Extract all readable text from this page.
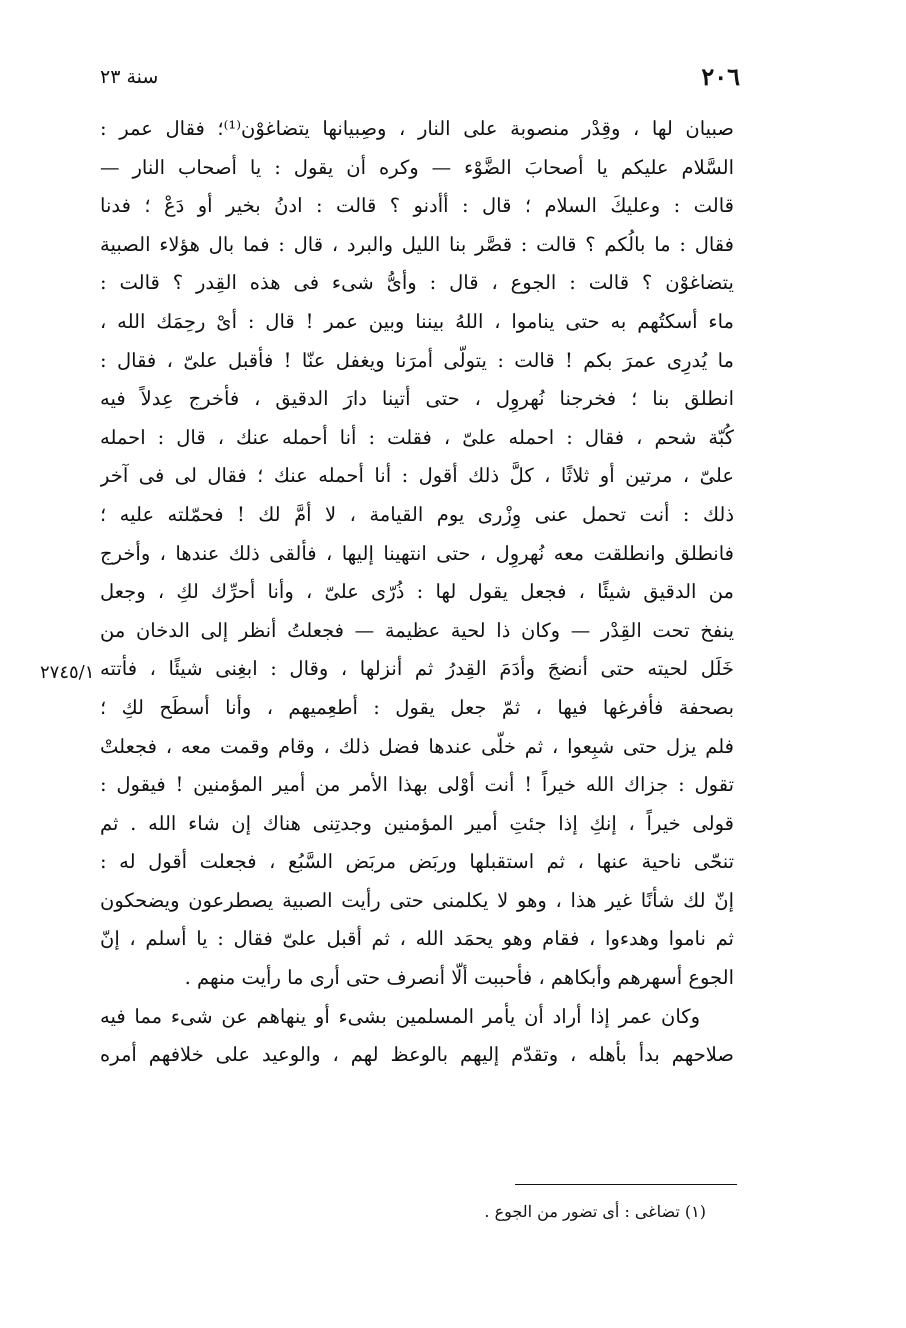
٢٠٦
سنة ٢٣
٢٧٤٥/١
صبيان لها ، وقِدْر منصوبة على النار ، وصِبيانها يتضاغوْن⁽¹⁾؛ فقال عمر :
السَّلام عليكم يا أصحابَ الضَّوْء — وكره أن يقول : يا أصحاب النار —
قالت : وعليكَ السلام ؛ قال : أأدنو ؟ قالت : ادنُ بخير أو دَعْ ؛ فدنا
فقال : ما بالُكم ؟ قالت : قصَّر بنا الليل والبرد ، قال : فما بال هؤلاء الصبية
يتضاغوْن ؟ قالت : الجوع ، قال : وأىُّ شىء فى هذه القِدر ؟ قالت :
ماء أسكتُهم به حتى يناموا ، اللهُ بيننا وبين عمر ! قال : أىْ رحِمَك الله ،
ما يُدرِى عمرَ بكم ! قالت : يتولّى أمرَنا ويغفل عنّا ! فأقبل علىّ ، فقال :
انطلق بنا ؛ فخرجنا نُهروِل ، حتى أتينا دارَ الدقيق ، فأخرج عِدلاً فيه
كُبّة شحم ، فقال : احمله علىّ ، فقلت : أنا أحمله عنك ، قال : احمله
علىّ ، مرتين أو ثلاثًا ، كلَّ ذلك أقول : أنا أحمله عنك ؛ فقال لى فى آخر
ذلك : أنت تحمل عنى وِزْرى يوم القيامة ، لا أمَّ لك ! فحمّلته عليه ؛
فانطلق وانطلقت معه نُهروِل ، حتى انتهينا إليها ، فألقى ذلك عندها ، وأخرج
من الدقيق شيئًا ، فجعل يقول لها : ذُرّى علىّ ، وأنا أحرِّك لكِ ، وجعل
ينفخ تحت القِدْر — وكان ذا لحية عظيمة — فجعلتُ أنظر إلى الدخان من
خَلَل لحيته حتى أنضجَ وأدَمَ القِدرُ ثم أنزلها ، وقال : ابغِنى شيئًا ، فأتته
بصحفة فأفرغها فيها ، ثمّ جعل يقول : أطعِميهم ، وأنا أسطَح لكِ ؛
فلم يزل حتى شبِعوا ، ثم خلّى عندها فضل ذلك ، وقام وقمت معه ، فجعلتْ
تقول : جزاك الله خيراً ! أنت أوْلى بهذا الأمر من أمير المؤمنين ! فيقول :
قولى خيراً ، إنكِ إذا جئتِ أمير المؤمنين وجدتِنى هناك إن شاء الله . ثم
تنحّى ناحية عنها ، ثم استقبلها وربَض مربَض السَّبُع ، فجعلت أقول له :
إنّ لك شأنًا غير هذا ، وهو لا يكلمنى حتى رأيت الصبية يصطرعون ويضحكون
ثم ناموا وهدءوا ، فقام وهو يحمَد الله ، ثم أقبل علىّ فقال : يا أسلم ، إنّ
الجوع أسهرهم وأبكاهم ، فأحببت ألّا أنصرف حتى أرى ما رأيت منهم .
وكان عمر إذا أراد أن يأمر المسلمين بشىء أو ينهاهم عن شىء مما فيه
صلاحهم بدأ بأهله ، وتقدّم إليهم بالوعظ لهم ، والوعيد على خلافهم أمره
(١) تضاغى : أى تضور من الجوع .
